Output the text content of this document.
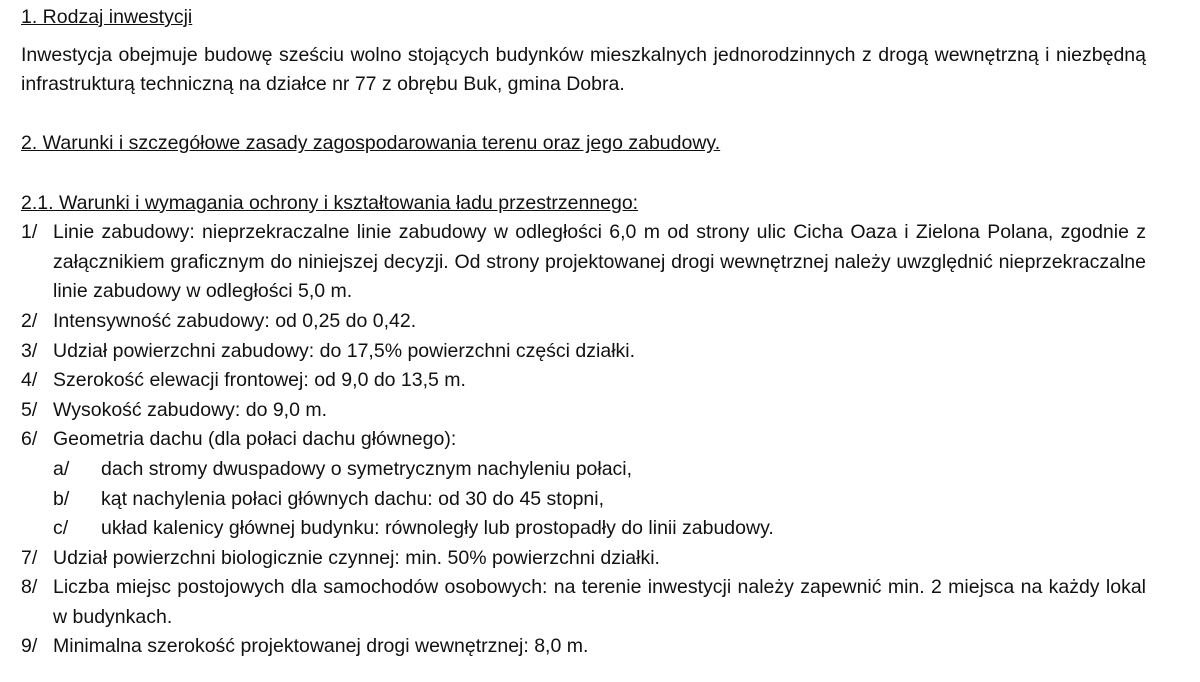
1. Rodzaj inwestycji

Inwestycja obejmuje budowę sześciu wolno stojących budynków mieszkalnych jednorodzinnych z drogą wewnętrzną i niezbędną infrastrukturą techniczną na działce nr 77 z obrębu Buk, gmina Dobra.

2. Warunki i szczegółowe zasady zagospodarowania terenu oraz jego zabudowy.

2.1. Warunki i wymagania ochrony i kształtowania ładu przestrzennego:

1/ Linie zabudowy: nieprzekraczalne linie zabudowy w odległości 6,0 m od strony ulic Cicha Oaza i Zielona Polana, zgodnie z załącznikiem graficznym do niniejszej decyzji. Od strony projektowanej drogi wewnętrznej należy uwzględnić nieprzekraczalne linie zabudowy w odległości 5,0 m.
2/ Intensywność zabudowy: od 0,25 do 0,42.
3/ Udział powierzchni zabudowy: do 17,5% powierzchni części działki.
4/ Szerokość elewacji frontowej: od 9,0 do 13,5 m.
5/ Wysokość zabudowy: do 9,0 m.
6/ Geometria dachu (dla połaci dachu głównego):
a/	dach stromy dwuspadowy o symetrycznym nachyleniu połaci,
b/	kąt nachylenia połaci głównych dachu: od 30 do 45 stopni,
c/	układ kalenicy głównej budynku: równoległy lub prostopadły do linii zabudowy.
7/ Udział powierzchni biologicznie czynnej: min. 50% powierzchni działki.
8/ Liczba miejsc postojowych dla samochodów osobowych: na terenie inwestycji należy zapewnić min. 2 miejsca na każdy lokal w budynkach.
9/ Minimalna szerokość projektowanej drogi wewnętrznej: 8,0 m.
